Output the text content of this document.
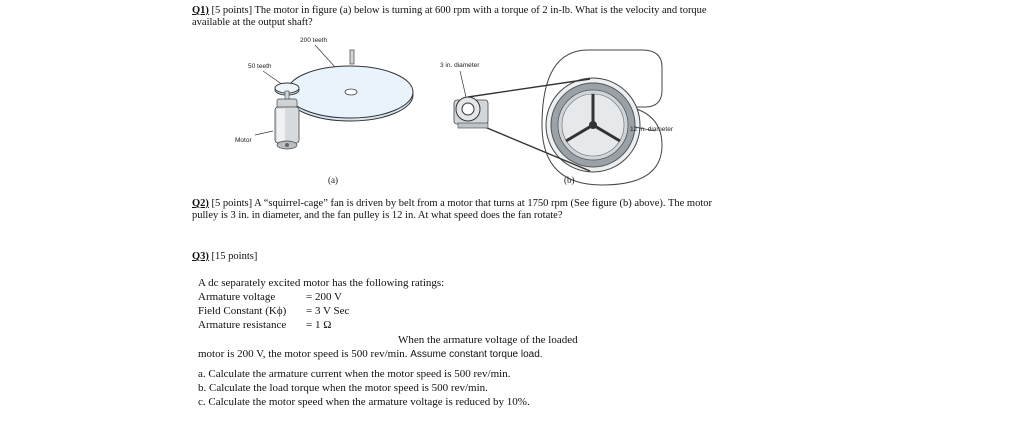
Q1) [5 points] The motor in figure (a) below is turning at 600 rpm with a torque of 2 in-lb. What is the velocity and torque
available at the output shaft?
200 teeth
50 teeth
Motor
(a)
3 in. diameter
12 in. diameter
(b)
Q2) [5 points] A “squirrel-cage” fan is driven by belt from a motor that turns at 1750 rpm (See figure (b) above). The motor
pulley is 3 in. in diameter, and the fan pulley is 12 in. At what speed does the fan rotate?
Q3) [15 points]
A dc separately excited motor has the following ratings:
Armature voltage	= 200 V
Field Constant (Kϕ)	= 3 V Sec
Armature resistance	= 1 Ω
When the armature voltage of the loaded
motor is 200 V, the motor speed is 500 rev/min. Assume constant torque load.
a. Calculate the armature current when the motor speed is 500 rev/min.
b. Calculate the load torque when the motor speed is 500 rev/min.
c. Calculate the motor speed when the armature voltage is reduced by 10%.
